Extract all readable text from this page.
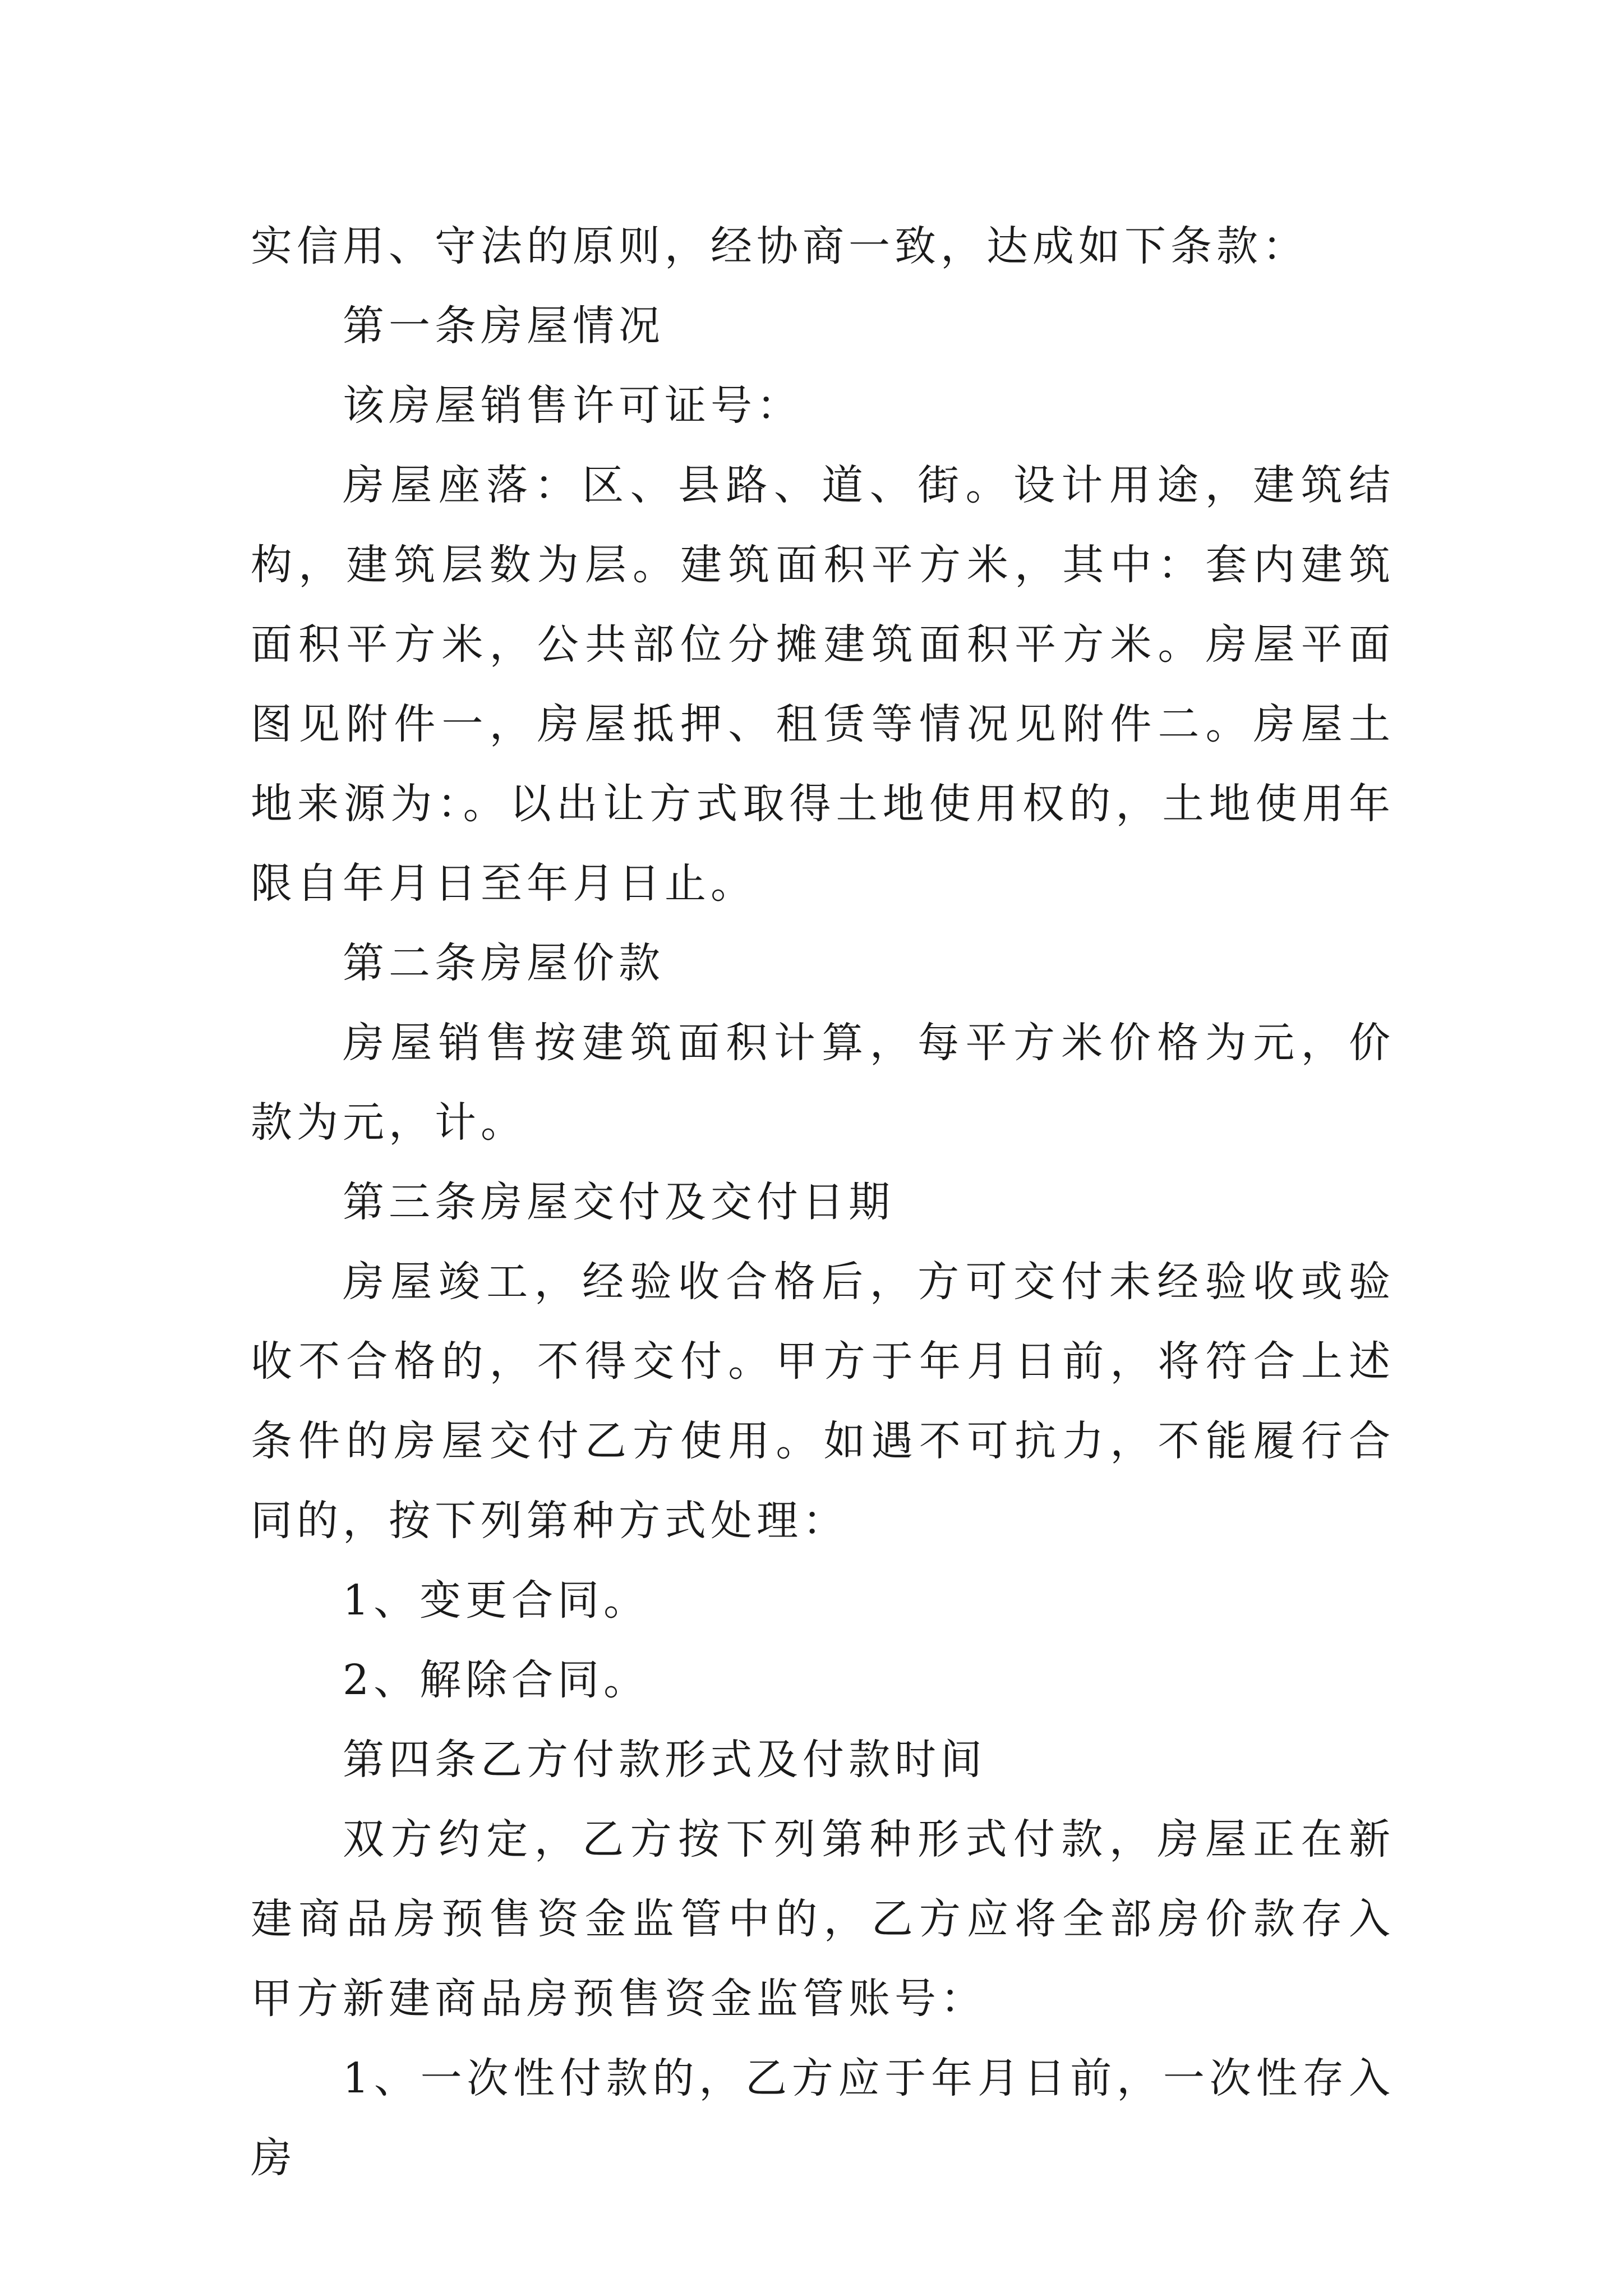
实信用、守法的原则，经协商一致，达成如下条款：

第一条房屋情况

该房屋销售许可证号：

房屋座落：区、县路、道、街。设计用途，建筑结构，建筑层数为层。建筑面积平方米，其中：套内建筑面积平方米，公共部位分摊建筑面积平方米。房屋平面图见附件一，房屋抵押、租赁等情况见附件二。房屋土地来源为：。以出让方式取得土地使用权的，土地使用年限自年月日至年月日止。

第二条房屋价款

房屋销售按建筑面积计算，每平方米价格为元，价款为元，计。

第三条房屋交付及交付日期

房屋竣工，经验收合格后，方可交付未经验收或验收不合格的，不得交付。甲方于年月日前，将符合上述条件的房屋交付乙方使用。如遇不可抗力，不能履行合同的，按下列第种方式处理：

1、变更合同。

2、解除合同。

第四条乙方付款形式及付款时间

双方约定，乙方按下列第种形式付款，房屋正在新建商品房预售资金监管中的，乙方应将全部房价款存入甲方新建商品房预售资金监管账号：

1、一次性付款的，乙方应于年月日前，一次性存入房
